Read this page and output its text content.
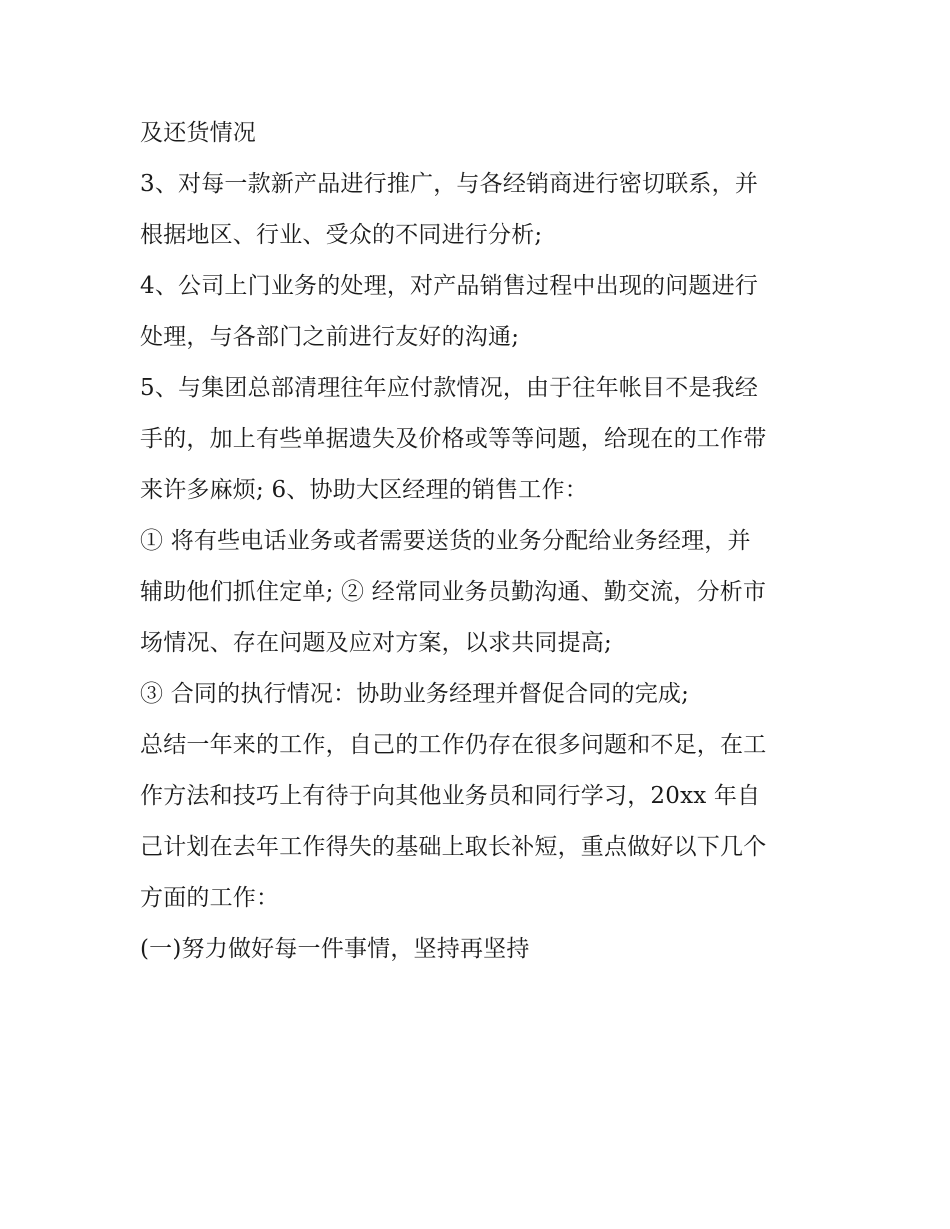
及还货情况
3、对每一款新产品进行推广，与各经销商进行密切联系，并
根据地区、行业、受众的不同进行分析;
4、公司上门业务的处理，对产品销售过程中出现的问题进行
处理，与各部门之前进行友好的沟通;
5、与集团总部清理往年应付款情况，由于往年帐目不是我经
手的，加上有些单据遗失及价格或等等问题，给现在的工作带
来许多麻烦; 6、协助大区经理的销售工作：
① 将有些电话业务或者需要送货的业务分配给业务经理，并
辅助他们抓住定单; ② 经常同业务员勤沟通、勤交流，分析市
场情况、存在问题及应对方案，以求共同提高;
③ 合同的执行情况：协助业务经理并督促合同的完成;
总结一年来的工作，自己的工作仍存在很多问题和不足，在工
作方法和技巧上有待于向其他业务员和同行学习，20xx 年自
己计划在去年工作得失的基础上取长补短，重点做好以下几个
方面的工作：
(一)努力做好每一件事情，坚持再坚持
